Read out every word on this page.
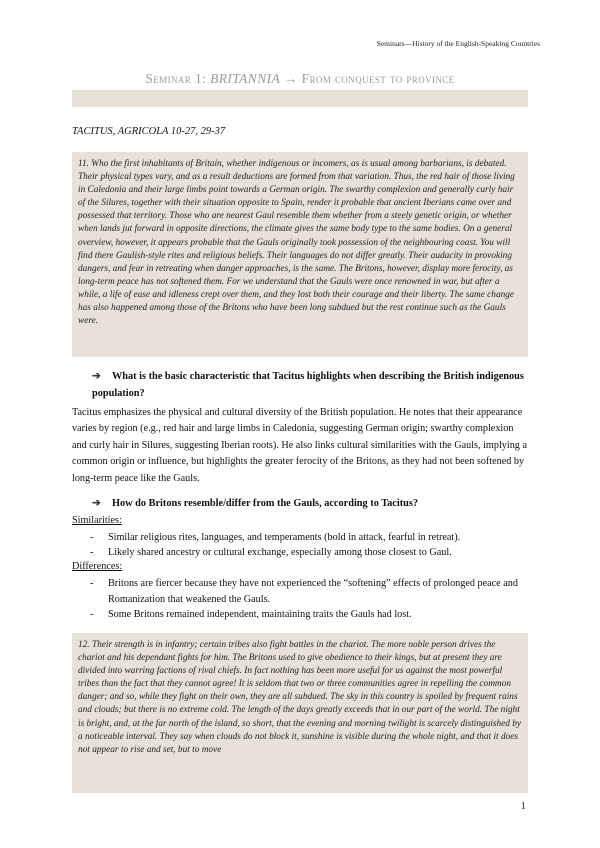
Seminars—History of the English-Speaking Countries
Seminar 1: BRITANNIA → From conquest to province
TACITUS, AGRICOLA 10-27, 29-37
11. Who the first inhabitants of Britain, whether indigenous or incomers, as is usual among barbarians, is debated. Their physical types vary, and as a result deductions are formed from that variation. Thus, the red hair of those living in Caledonia and their large limbs point towards a German origin. The swarthy complexion and generally curly hair of the Silures, together with their situation opposite to Spain, render it probable that ancient Iberians came over and possessed that territory. Those who are nearest Gaul resemble them whether from a steely genetic origin, or whether when lands jut forward in opposite directions, the climate gives the same body type to the same bodies. On a general overview, however, it appears probable that the Gauls originally took possession of the neighbouring coast. You will find there Gaulish-style rites and religious beliefs. Their languages do not differ greatly. Their audacity in provoking dangers, and fear in retreating when danger approaches, is the same. The Britons, however, display more ferocity, as long-term peace has not softened them. For we understand that the Gauls were once renowned in war, but after a while, a life of ease and idleness crept over them, and they lost both their courage and their liberty. The same change has also happened among those of the Britons who have been long subdued but the rest continue such as the Gauls were.
➔ What is the basic characteristic that Tacitus highlights when describing the British indigenous population?
Tacitus emphasizes the physical and cultural diversity of the British population. He notes that their appearance varies by region (e.g., red hair and large limbs in Caledonia, suggesting German origin; swarthy complexion and curly hair in Silures, suggesting Iberian roots). He also links cultural similarities with the Gauls, implying a common origin or influence, but highlights the greater ferocity of the Britons, as they had not been softened by long-term peace like the Gauls.
➔ How do Britons resemble/differ from the Gauls, according to Tacitus?
Similarities:
- Similar religious rites, languages, and temperaments (bold in attack, fearful in retreat).
- Likely shared ancestry or cultural exchange, especially among those closest to Gaul.
Differences:
- Britons are fiercer because they have not experienced the “softening” effects of prolonged peace and Romanization that weakened the Gauls.
- Some Britons remained independent, maintaining traits the Gauls had lost.
12. Their strength is in infantry; certain tribes also fight battles in the chariot. The more noble person drives the chariot and his dependant fights for him. The Britons used to give obedience to their kings, but at present they are divided into warring factions of rival chiefs. In fact nothing has been more useful for us against the most powerful tribes than the fact that they cannot agree! It is seldom that two or three communities agree in repelling the common danger; and so, while they fight on their own, they are all subdued. The sky in this country is spoiled by frequent rains and clouds; but there is no extreme cold. The length of the days greatly exceeds that in our part of the world. The night is bright, and, at the far north of the island, so short, that the evening and morning twilight is scarcely distinguished by a noticeable interval. They say when clouds do not block it, sunshine is visible during the whole night, and that it does not appear to rise and set, but to move
1
